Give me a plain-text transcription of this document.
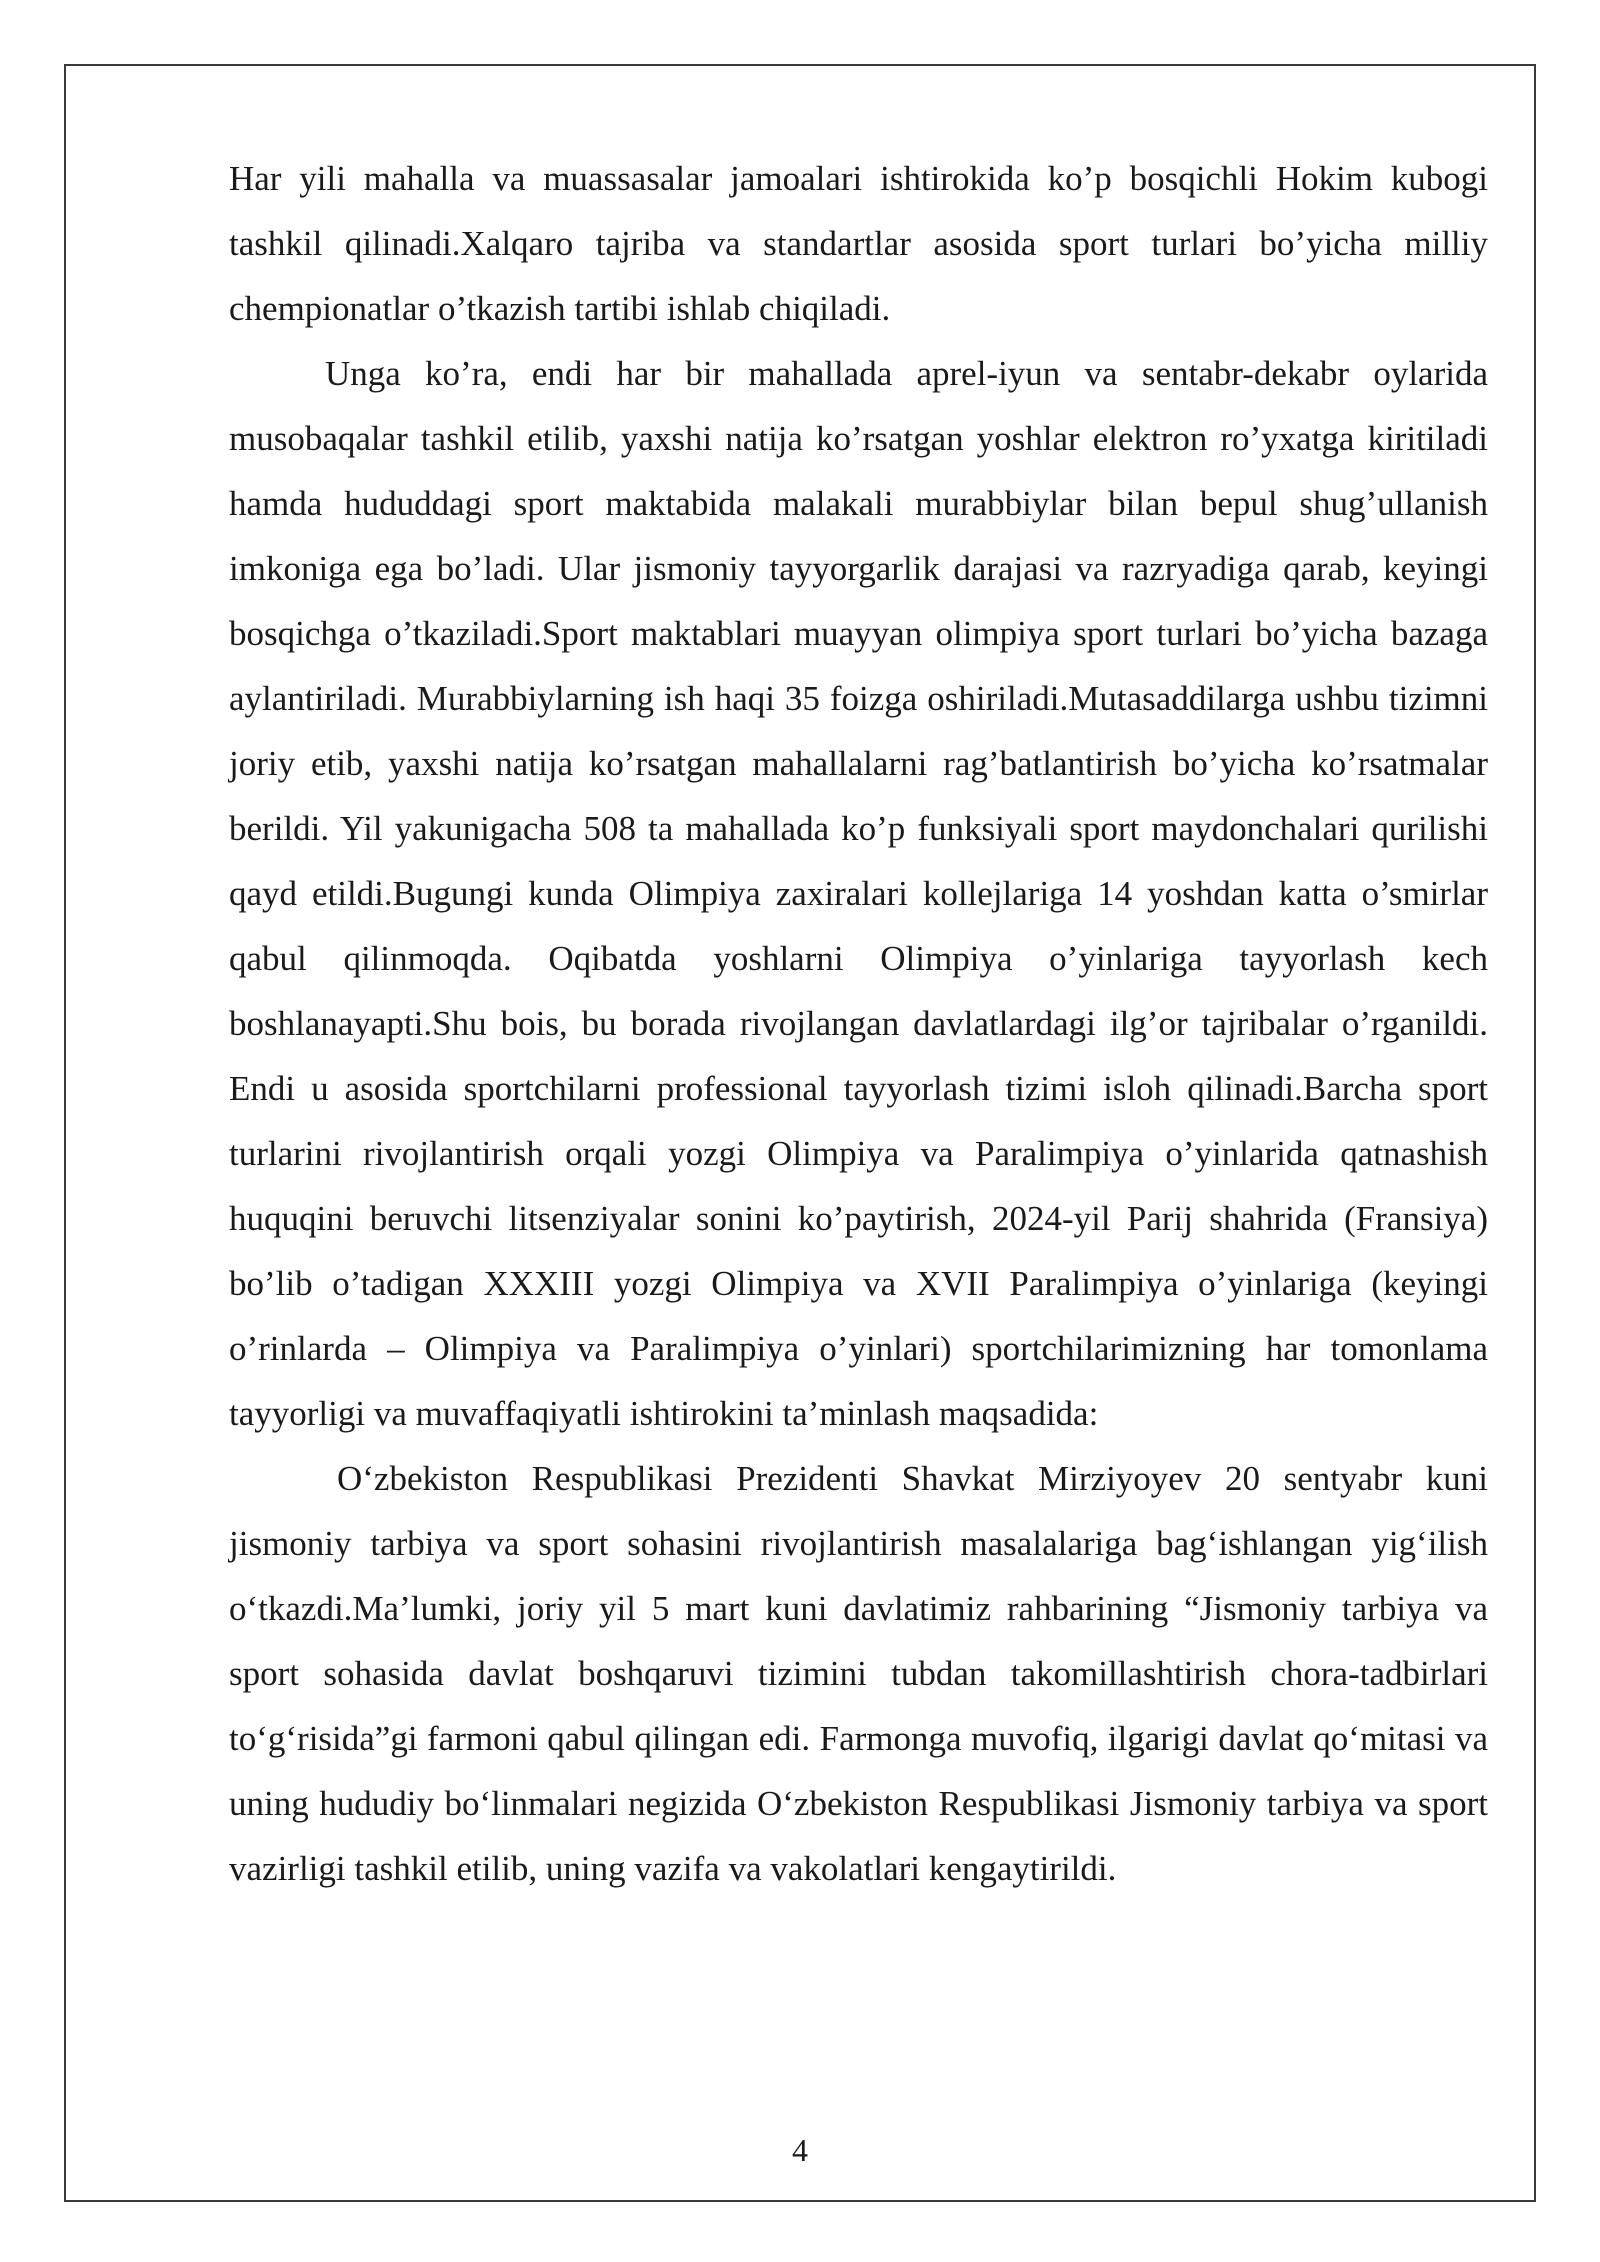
Har yili mahalla va muassasalar jamoalari ishtirokida ko’p bosqichli Hokim kubogi tashkil qilinadi.Xalqaro tajriba va standartlar asosida sport turlari bo’yicha milliy chempionatlar o’tkazish tartibi ishlab chiqiladi.

Unga ko’ra, endi har bir mahallada aprel-iyun va sentabr-dekabr oylarida musobaqalar tashkil etilib, yaxshi natija ko’rsatgan yoshlar elektron ro’yxatga kiritiladi hamda hududdagi sport maktabida malakali murabbiylar bilan bepul shug’ullanish imkoniga ega bo’ladi. Ular jismoniy tayyorgarlik darajasi va razryadiga qarab, keyingi bosqichga o’tkaziladi.Sport maktablari muayyan olimpiya sport turlari bo’yicha bazaga aylantiriladi. Murabbiylarning ish haqi 35 foizga oshiriladi.Mutasaddilarga ushbu tizimni joriy etib, yaxshi natija ko’rsatgan mahallalarni rag’batlantirish bo’yicha ko’rsatmalar berildi. Yil yakunigacha 508 ta mahallada ko’p funksiyali sport maydonchalari qurilishi qayd etildi.Bugungi kunda Olimpiya zaxiralari kollejlariga 14 yoshdan katta o’smirlar qabul qilinmoqda. Oqibatda yoshlarni Olimpiya o’yinlariga tayyorlash kech boshlanayapti.Shu bois, bu borada rivojlangan davlatlardagi ilg’or tajribalar o’rganildi. Endi u asosida sportchilarni professional tayyorlash tizimi isloh qilinadi.Barcha sport turlarini rivojlantirish orqali yozgi Olimpiya va Paralimpiya o’yinlarida qatnashish huquqini beruvchi litsenziyalar sonini ko’paytirish, 2024-yil Parij shahrida (Fransiya) bo’lib o’tadigan XXXIII yozgi Olimpiya va XVII Paralimpiya o’yinlariga (keyingi o’rinlarda – Olimpiya va Paralimpiya o’yinlari) sportchilarimizning har tomonlama tayyorligi va muvaffaqiyatli ishtirokini ta’minlash maqsadida:

O‘zbekiston Respublikasi Prezidenti Shavkat Mirziyoyev 20 sentyabr kuni jismoniy tarbiya va sport sohasini rivojlantirish masalalariga bag‘ishlangan yig‘ilish o‘tkazdi.Ma’lumki, joriy yil 5 mart kuni davlatimiz rahbarining “Jismoniy tarbiya va sport sohasida davlat boshqaruvi tizimini tubdan takomillashtirish chora-tadbirlari to‘g‘risida”gi farmoni qabul qilingan edi. Farmonga muvofiq, ilgarigi davlat qo‘mitasi va uning hududiy bo‘linmalari negizida O‘zbekiston Respublikasi Jismoniy tarbiya va sport vazirligi tashkil etilib, uning vazifa va vakolatlari kengaytirildi.

4
